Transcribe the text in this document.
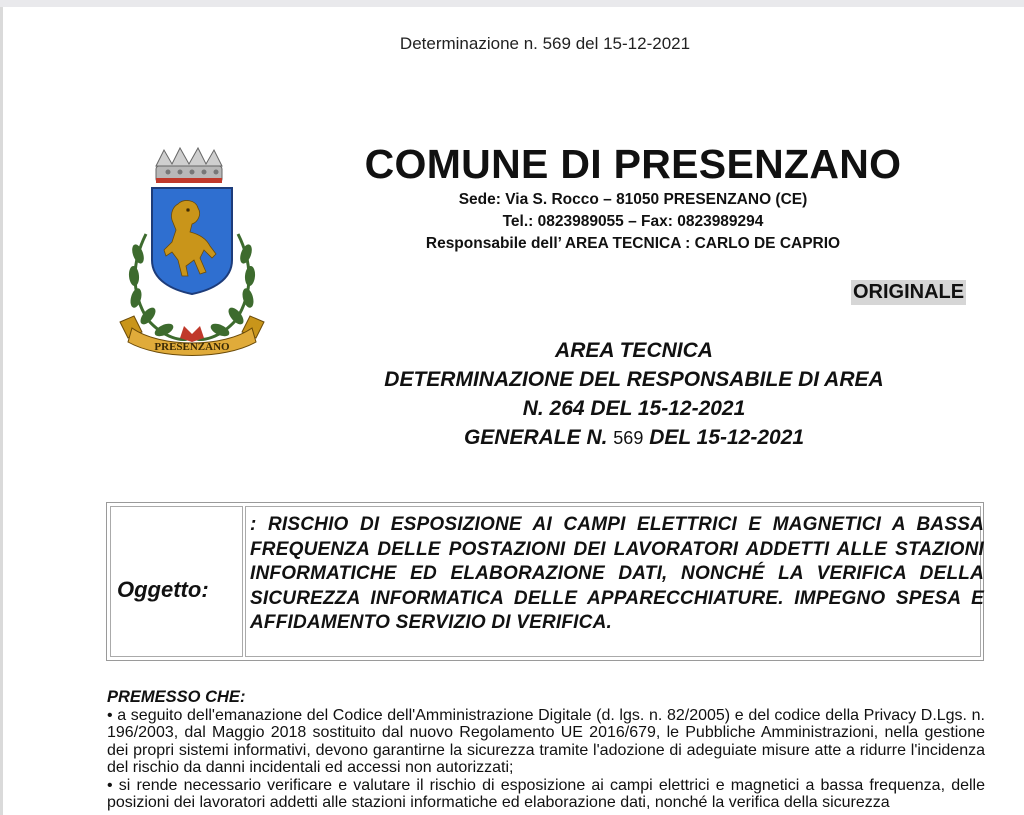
Determinazione n. 569 del 15-12-2021
PRESENZANO
COMUNE DI PRESENZANO
Sede: Via S. Rocco – 81050 PRESENZANO (CE)
Tel.: 0823989055 – Fax: 0823989294
Responsabile dell’ AREA TECNICA : CARLO DE CAPRIO
ORIGINALE
AREA TECNICA
DETERMINAZIONE DEL RESPONSABILE DI AREA
N. 264 DEL 15-12-2021
GENERALE N. 569 DEL 15-12-2021
Oggetto:
: RISCHIO DI ESPOSIZIONE AI CAMPI ELETTRICI E MAGNETICI A BASSA FREQUENZA DELLE POSTAZIONI DEI LAVORATORI ADDETTI ALLE STAZIONI INFORMATICHE ED ELABORAZIONE DATI, NONCHÉ LA VERIFICA DELLA SICUREZZA INFORMATICA DELLE APPARECCHIATURE. IMPEGNO SPESA E AFFIDAMENTO SERVIZIO DI VERIFICA.
PREMESSO CHE:

• a seguito dell'emanazione del Codice dell'Amministrazione Digitale (d. lgs. n. 82/2005) e del codice della Privacy D.Lgs. n. 196/2003, dal Maggio 2018 sostituito dal nuovo Regolamento UE 2016/679, le Pubbliche Amministrazioni, nella gestione dei propri sistemi informativi, devono garantirne la sicurezza tramite l'adozione di adeguiate misure atte a ridurre l'incidenza del rischio da danni incidentali ed accessi non autorizzati;

• si rende necessario verificare e valutare il rischio di esposizione ai campi elettrici e magnetici a bassa frequenza, delle posizioni dei lavoratori addetti alle stazioni informatiche ed elaborazione dati, nonché la verifica della sicurezza
